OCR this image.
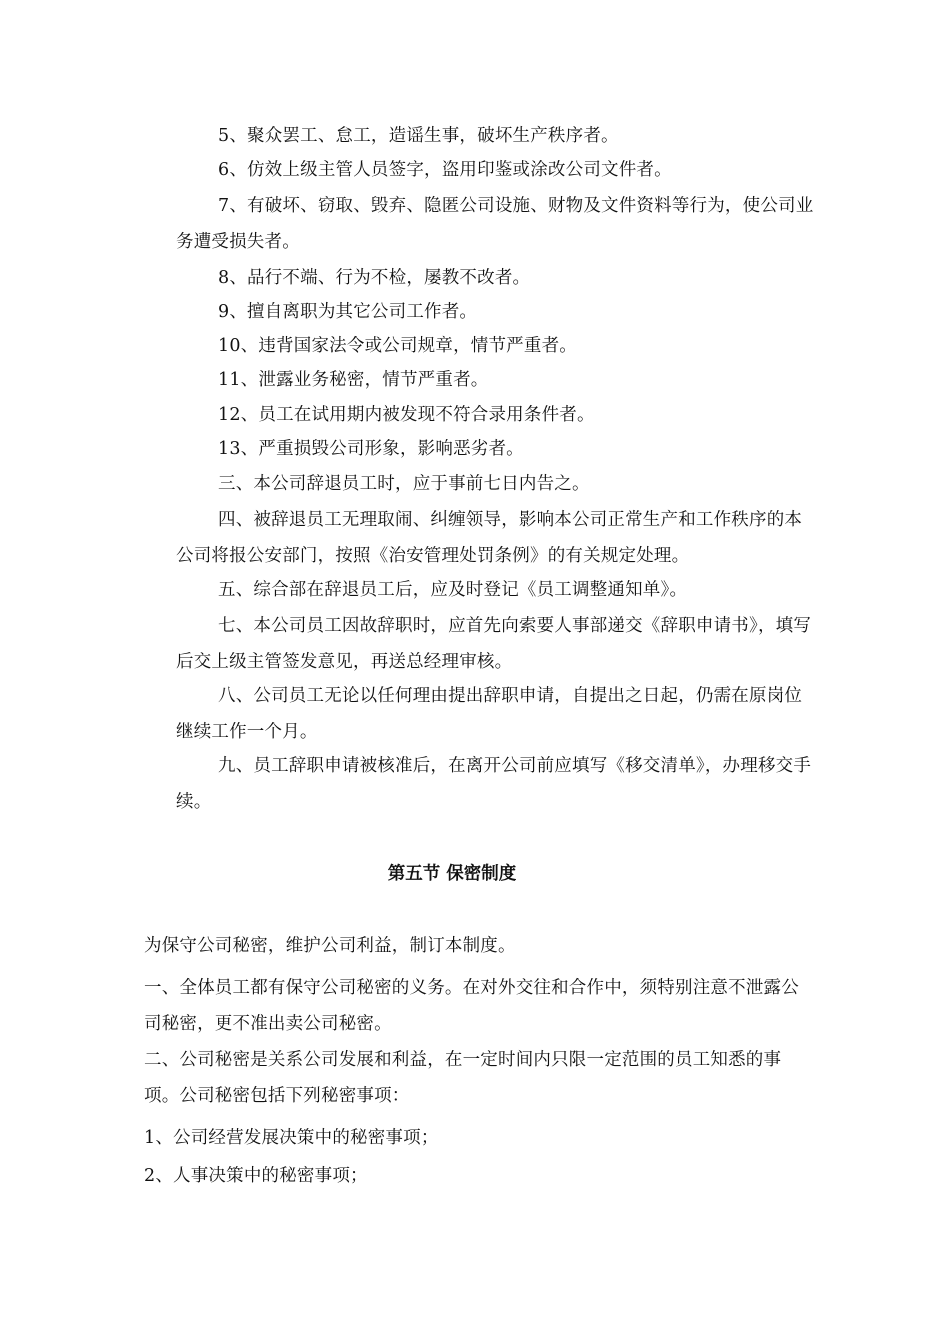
5、聚众罢工、怠工，造谣生事，破坏生产秩序者。

6、仿效上级主管人员签字，盗用印鉴或涂改公司文件者。

7、有破坏、窃取、毁弃、隐匿公司设施、财物及文件资料等行为，使公司业务遭受损失者。

8、品行不端、行为不检，屡教不改者。

9、擅自离职为其它公司工作者。

10、违背国家法令或公司规章，情节严重者。

11、泄露业务秘密，情节严重者。

12、员工在试用期内被发现不符合录用条件者。

13、严重损毁公司形象，影响恶劣者。

三、本公司辞退员工时，应于事前七日内告之。

四、被辞退员工无理取闹、纠缠领导，影响本公司正常生产和工作秩序的本公司将报公安部门，按照《治安管理处罚条例》的有关规定处理。

五、综合部在辞退员工后，应及时登记《员工调整通知单》。

七、本公司员工因故辞职时，应首先向索要人事部递交《辞职申请书》，填写后交上级主管签发意见，再送总经理审核。

八、公司员工无论以任何理由提出辞职申请，自提出之日起，仍需在原岗位继续工作一个月。

九、员工辞职申请被核准后，在离开公司前应填写《移交清单》，办理移交手续。

第五节 保密制度

为保守公司秘密，维护公司利益，制订本制度。

一、全体员工都有保守公司秘密的义务。在对外交往和合作中，须特别注意不泄露公司秘密，更不准出卖公司秘密。

二、公司秘密是关系公司发展和利益，在一定时间内只限一定范围的员工知悉的事项。公司秘密包括下列秘密事项：

1、公司经营发展决策中的秘密事项；

2、人事决策中的秘密事项；
